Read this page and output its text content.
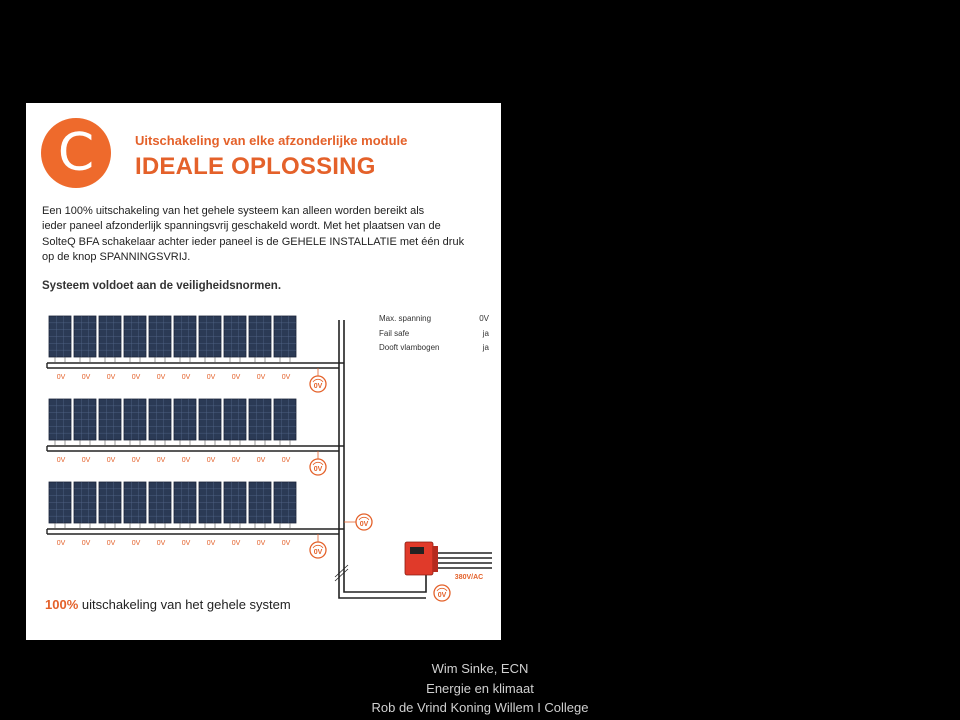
C	Uitschakeling van elke afzonderlijke module
IDEALE OPLOSSING
Een 100% uitschakeling van het gehele systeem kan alleen worden bereikt als
ieder paneel afzonderlijk spanningsvrij geschakeld wordt. Met het plaatsen van de
SolteQ BFA schakelaar achter ieder paneel is de GEHELE INSTALLATIE met één druk
op de knop SPANNINGSVRIJ.
Systeem voldoet aan de veiligheidsnormen.
0V 0V 0V 0V 0V 0V 0V 0V 0V 0V
0V 0V 0V 0V 0V 0V 0V 0V 0V 0V
0V 0V 0V 0V 0V 0V 0V 0V 0V 0V
0V
0V
0V
0V
380V/AC
0V
Max. spanning	0V
Fail safe	ja
Dooft vlambogen	ja
100% uitschakeling van het gehele system
Wim Sinke, ECN
Energie en klimaat
Rob de Vrind Koning Willem I College
